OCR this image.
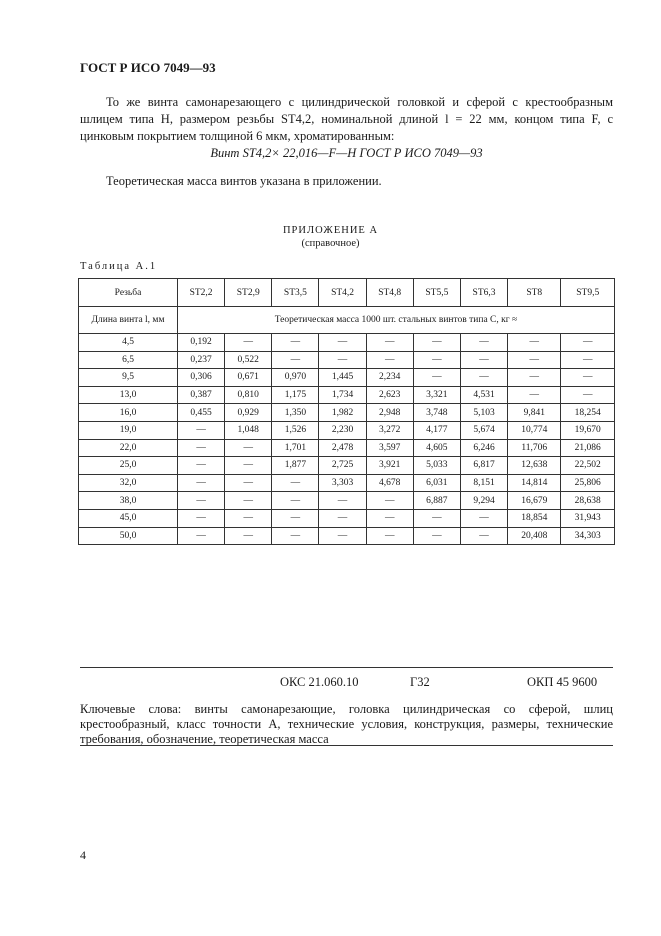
ГОСТ Р ИСО 7049—93
То же винта самонарезающего с цилиндрической головкой и сферой с крестообразным шлицем типа Н, размером резьбы ST4,2, номинальной длиной l = 22 мм, концом типа F, с цинковым покрытием толщиной 6 мкм, хроматированным:
Винт ST4,2× 22,016—F—Н ГОСТ Р ИСО 7049—93
Теоретическая масса винтов указана в приложении.
ПРИЛОЖЕНИЕ А
(справочное)
Таблица А.1
Резьба	ST2,2	ST2,9	ST3,5	ST4,2	ST4,8	ST5,5	ST6,3	ST8	ST9,5
Длина винта l, мм	Теоретическая масса 1000 шт. стальных винтов типа С, кг ≈								
4,5	0,192	—	—	—	—	—	—	—	—
6,5	0,237	0,522	—	—	—	—	—	—	—
9,5	0,306	0,671	0,970	1,445	2,234	—	—	—	—
13,0	0,387	0,810	1,175	1,734	2,623	3,321	4,531	—	—
16,0	0,455	0,929	1,350	1,982	2,948	3,748	5,103	9,841	18,254
19,0	—	1,048	1,526	2,230	3,272	4,177	5,674	10,774	19,670
22,0	—	—	1,701	2,478	3,597	4,605	6,246	11,706	21,086
25,0	—	—	1,877	2,725	3,921	5,033	6,817	12,638	22,502
32,0	—	—	—	3,303	4,678	6,031	8,151	14,814	25,806
38,0	—	—	—	—	—	6,887	9,294	16,679	28,638
45,0	—	—	—	—	—	—	—	18,854	31,943
50,0	—	—	—	—	—	—	—	20,408	34,303
ОКС 21.060.10	Г32	ОКП 45 9600
Ключевые слова: винты самонарезающие, головка цилиндрическая со сферой, шлиц крестообразный, класс точности А, технические условия, конструкция, размеры, технические требования, обозначение, теоретическая масса
4
